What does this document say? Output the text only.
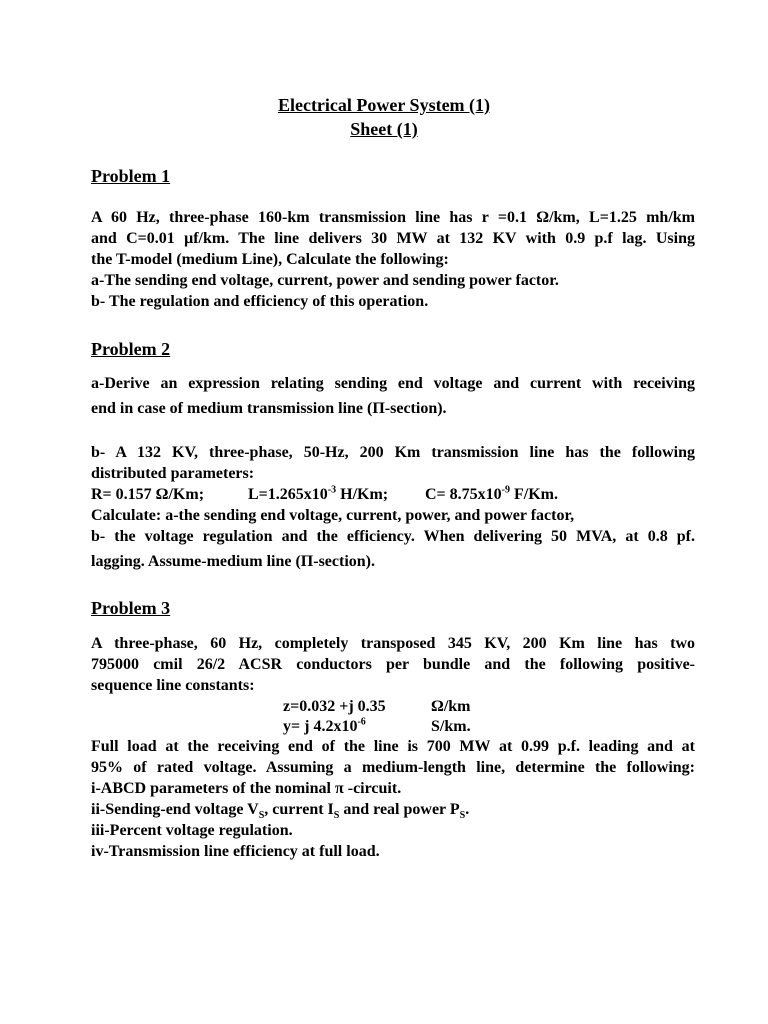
Electrical Power System (1)
Sheet (1)
Problem 1
A 60 Hz, three-phase 160-km transmission line has r =0.1 Ω/km, L=1.25 mh/km
and C=0.01 μf/km. The line delivers 30 MW at 132 KV with 0.9 p.f lag. Using
the T-model (medium Line), Calculate the following:
a-The sending end voltage, current, power and sending power factor.
b- The regulation and efficiency of this operation.
Problem 2
a-Derive an expression relating sending end voltage and current with receiving
end in case of medium transmission line (Π-section).
b- A 132 KV, three-phase, 50-Hz, 200 Km transmission line has the following
distributed parameters:
R= 0.157 Ω/Km;	$L=1.265x10^{-3}$ H/Km; $C= 8.75x10^{-9}$ F/Km.
Calculate: a-the sending end voltage, current, power, and power factor,
b- the voltage regulation and the efficiency. When delivering 50 MVA, at 0.8 pf.
lagging. Assume-medium line (Π-section).
Problem 3
A three-phase, 60 Hz, completely transposed 345 KV, 200 Km line has two
795000 cmil 26/2 ACSR conductors per bundle and the following positive-
sequence line constants:
z=0.032 +j 0.35	Ω/km
y= j $4.2x10^{-6}$	S/km.
Full load at the receiving end of the line is 700 MW at 0.99 p.f. leading and at
95% of rated voltage. Assuming a medium-length line, determine the following:
i-ABCD parameters of the nominal π -circuit.
ii-Sending-end voltage $V_S$, current $I_S$ and real power $P_S$.
iii-Percent voltage regulation.
iv-Transmission line efficiency at full load.
